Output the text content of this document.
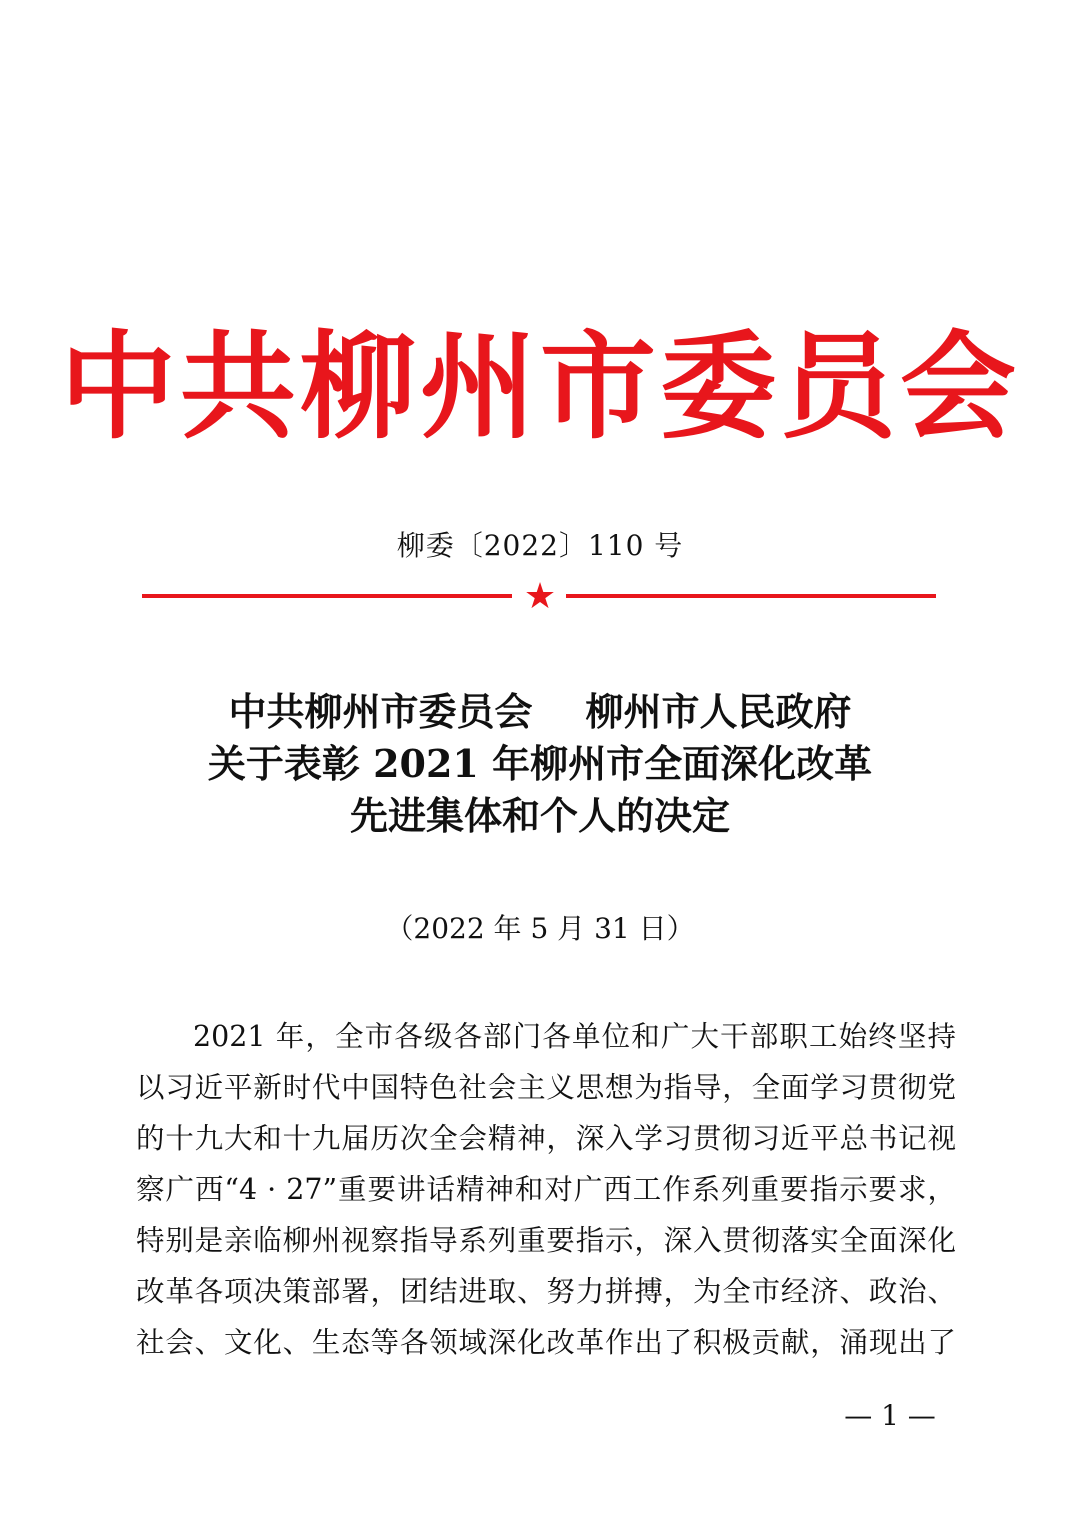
中共柳州市委员会
柳委〔2022〕110 号
★
中共柳州市委员会    柳州市人民政府
关于表彰 2021 年柳州市全面深化改革
先进集体和个人的决定
（2022 年 5 月 31 日）
2021 年，全市各级各部门各单位和广大干部职工始终坚持
以习近平新时代中国特色社会主义思想为指导，全面学习贯彻党
的十九大和十九届历次全会精神，深入学习贯彻习近平总书记视
察广西“4 · 27”重要讲话精神和对广西工作系列重要指示要求，
特别是亲临柳州视察指导系列重要指示，深入贯彻落实全面深化
改革各项决策部署，团结进取、努力拼搏，为全市经济、政治、
社会、文化、生态等各领域深化改革作出了积极贡献，涌现出了
— 1 —
